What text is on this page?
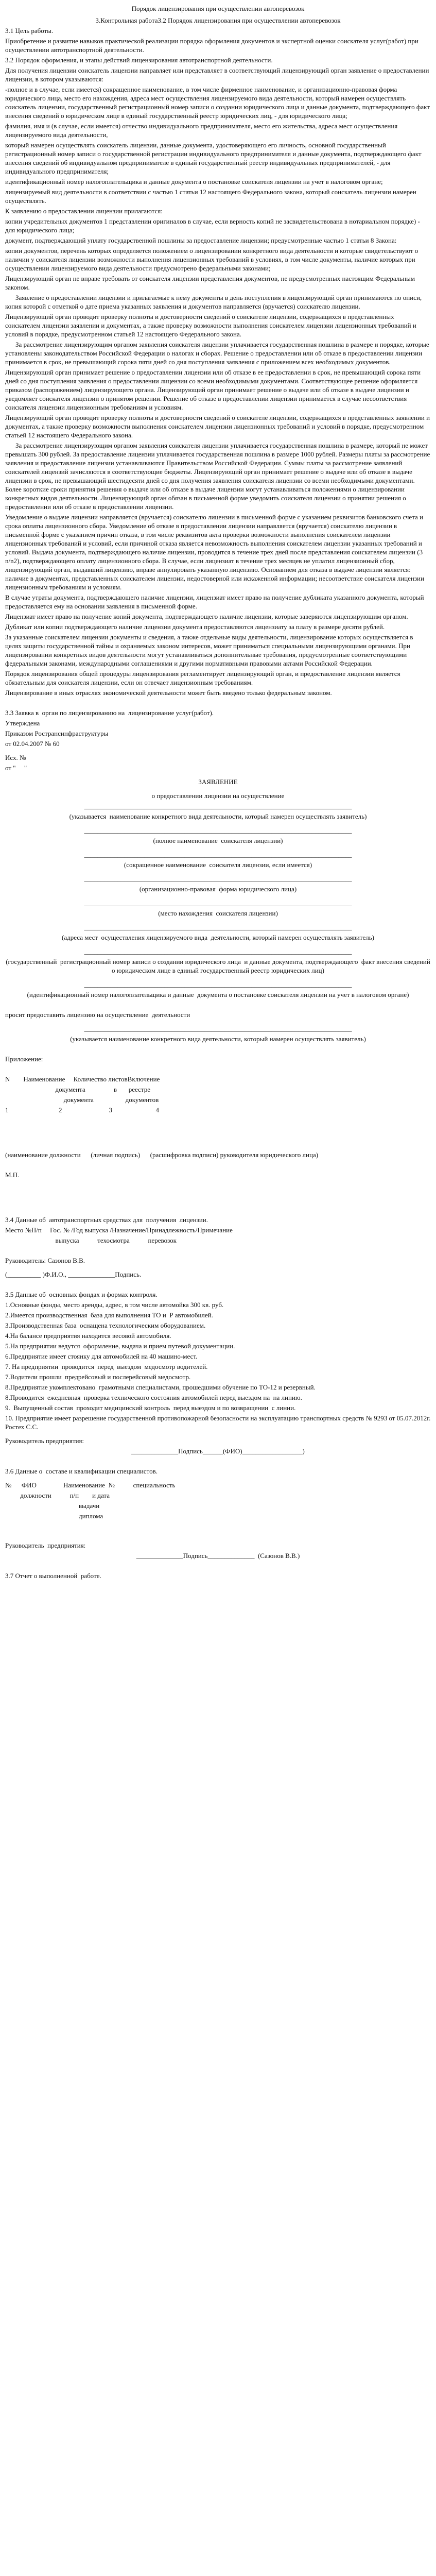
Порядок лицензирования при осуществлении автоперевозок
3.Контрольная работа3.2 Порядок лицензирования при осуществлении автоперевозок
3.1 Цель работы.
Приобретение и развитие навыков практической реализации порядка оформления документов и экспертной оценки соискателя услуг(работ) при осуществлении автотранспортной деятельности.
3.2 Порядок оформления, и этапы действий лицензирования автотранспортной деятельности.
Для получения лицензии соискатель лицензии направляет или представляет в соответствующий лицензирующий орган заявление о предоставлении лицензии, в котором указываются:
-полное и в случае, если имеется) сокращенное наименование, в том числе фирменное наименование, и организационно-правовая форма юридического лица, место его нахождения, адреса мест осуществления лицензируемого вида деятельности, который намерен осуществлять соискатель лицензии, государственный регистрационный номер записи о создании юридического лица и данные документа, подтверждающего факт внесения сведений о юридическом лице в единый государственный реестр юридических лиц, - для юридического лица;
фамилия, имя и (в случае, если имеется) отчество индивидуального предпринимателя, место его жительства, адреса мест осуществления лицензируемого вида деятельности,
который намерен осуществлять соискатель лицензии, данные документа, удостоверяющего его личность, основной государственный регистрационный номер записи о государственной регистрации индивидуального предпринимателя и данные документа, подтверждающего факт внесения сведений об индивидуальном предпринимателе в единый государственный реестр индивидуальных предпринимателей, - для индивидуального предпринимателя;
идентификационный номер налогоплательщика и данные документа о постановке соискателя лицензии на учет в налоговом органе;
лицензируемый вид деятельности в соответствии с частью 1 статьи 12 настоящего Федерального закона, который соискатель лицензии намерен осуществлять.
К заявлению о предоставлении лицензии прилагаются:
копии учредительных документов 1 представлении оригиналов в случае, если верность копий не засвидетельствована в нотариальном порядке) - для юридического лица;
документ, подтверждающий уплату государственной пошлины за предоставление лицензии; предусмотренные частью 1 статьи 8 Закона:
копии документов, перечень которых определяется положением о лицензировании конкретного вида деятельности и которые свидетельствуют о наличии у соискателя лицензии возможности выполнения лицензионных требований в условиях, в том числе документы, наличие которых при осуществлении лицензируемого вида деятельности предусмотрено федеральными законами;
Лицензирующий орган не вправе требовать от соискателя лицензии представления документов, не предусмотренных настоящим Федеральным законом.
Заявление о предоставлении лицензии и прилагаемые к нему документы в день поступления в лицензирующий орган принимаются по описи, копия которой с отметкой о дате приема указанных заявления и документов направляется (вручается) соискателю лицензии.
Лицензирующий орган проводит проверку полноты и достоверности сведений о соискателе лицензии, содержащихся в представленных соискателем лицензии заявлении и документах, а также проверку возможности выполнения соискателем лицензии лицензионных требований и условий в порядке, предусмотренном статьей 12 настоящего Федерального закона.
За рассмотрение лицензирующим органом заявления соискателя лицензии уплачивается государственная пошлина в размере и порядке, которые установлены законодательством Российской Федерации о налогах и сборах. Решение о предоставлении или об отказе в предоставлении лицензии принимается в срок, не превышающий сорока пяти дней со дня поступления заявления с приложением всех необходимых документов.
Лицензирующий орган принимает решение о предоставлении лицензии или об отказе в ее предоставлении в срок, не превышающий сорока пяти дней со дня поступления заявления о предоставлении лицензии со всеми необходимыми документами. Соответствующее решение оформляется приказом (распоряжением) лицензирующего органа. Лицензирующий орган принимает решение о выдаче или об отказе в выдаче лицензии и уведомляет соискателя лицензии о принятом решении. Решение об отказе в предоставлении лицензии принимается в случае несоответствия соискателя лицензии лицензионным требованиям и условиям.
Лицензирующий орган проводит проверку полноты и достоверности сведений о соискателе лицензии, содержащихся в представленных заявлении и документах, а также проверку возможности выполнения соискателем лицензии лицензионных требований и условий в порядке, предусмотренном статьей 12 настоящего Федерального закона.
За рассмотрение лицензирующим органом заявления соискателя лицензии уплачивается государственная пошлина в размере, который не может превышать 300 рублей. За предоставление лицензии уплачивается государственная пошлина в размере 1000 рублей. Размеры платы за рассмотрение заявления и предоставление лицензии устанавливаются Правительством Российской Федерации. Суммы платы за рассмотрение заявлений соискателей лицензий зачисляются в соответствующие бюджеты. Лицензирующий орган принимает решение о выдаче или об отказе в выдаче лицензии в срок, не превышающий шестидесяти дней со дня получения заявления соискателя лицензии со всеми необходимыми документами. Более короткие сроки принятия решения о выдаче или об отказе в выдаче лицензии могут устанавливаться положениями о лицензировании конкретных видов деятельности. Лицензирующий орган обязан в письменной форме уведомить соискателя лицензии о принятии решения о предоставлении или об отказе в предоставлении лицензии.
Уведомление о выдаче лицензии направляется (вручается) соискателю лицензии в письменной форме с указанием реквизитов банковского счета и срока оплаты лицензионного сбора. Уведомление об отказе в предоставлении лицензии направляется (вручается) соискателю лицензии в письменной форме с указанием причин отказа, в том числе реквизитов акта проверки возможности выполнения соискателем лицензии лицензионных требований и условий, если причиной отказа является невозможность выполнения соискателем лицензии указанных требований и условий. Выдача документа, подтверждающего наличие лицензии, проводится в течение трех дней после представления соискателем лицензии (3 n/n2), подтверждающего оплату лицензионного сбора. В случае, если лицензиат в течение трех месяцев не уплатил лицензионный сбор, лицензирующий орган, выдавший лицензию, вправе аннулировать указанную лицензию. Основанием для отказа в выдаче лицензии является: наличие в документах, представленных соискателем лицензии, недостоверной или искаженной информации; несоответствие соискателя лицензии лицензионным требованиям и условиям.
В случае утраты документа, подтверждающего наличие лицензии, лицензиат имеет право на получение дубликата указанного документа, который предоставляется ему на основании заявления в письменной форме.
Лицензиат имеет право на получение копий документа, подтверждающего наличие лицензии, которые заверяются лицензирующим органом.
Дубликат или копии подтверждающего наличие лицензии документа предоставляются лицензиату за плату в размере десяти рублей.
За указанные соискателем лицензии документы и сведения, а также отдельные виды деятельности, лицензирование которых осуществляется в целях защиты государственной тайны и охраняемых законом интересов, может приниматься специальными лицензирующими органами. При лицензировании конкретных видов деятельности могут устанавливаться дополнительные требования, предусмотренные соответствующими федеральными законами, международными соглашениями и другими нормативными правовыми актами Российской Федерации.
Порядок лицензирования общей процедуры лицензирования регламентирует лицензирующий орган, и предоставление лицензии является обязательным для соискателя лицензии, если он отвечает лицензионным требованиям.
Лицензирование в иных отраслях экономической деятельности может быть введено только федеральным законом.
3.3 Заявка в  орган по лицензированию на  лицензирование услуг(работ).
Утверждена
Приказом Ространсинфраструктуры
от 02.04.2007 № 60
Исх. №
от "     "
ЗАЯВЛЕНИЕ
о предоставлении лицензии на осуществление
________________________________________________________________________________
(указывается  наименование конкретного вида деятельности, который намерен осуществлять заявитель)
________________________________________________________________________________
(полное наименование  соискателя лицензии)
________________________________________________________________________________
(сокращенное наименование  соискателя лицензии, если имеется)
________________________________________________________________________________
(организационно-правовая  форма юридического лица)
________________________________________________________________________________
(место нахождения  соискателя лицензии)
________________________________________________________________________________
(адреса мест  осуществления лицензируемого вида  деятельности, который намерен осуществлять заявитель)
________________________________________________________________________________
(государственный  регистрационный номер записи о создании юридического лица  и данные документа, подтверждающего  факт внесения сведений о юридическом лице в единый государственный реестр юридических лиц)
________________________________________________________________________________
(идентификационный номер налогоплательщика и данные  документа о постановке соискателя лицензии на учет в налоговом органе)
просит предоставить лицензию на осуществление  деятельности
________________________________________________________________________________
(указывается наименование конкретного вида деятельности, который намерен осуществлять заявитель)
Приложение:
N        Наименование     Количество листовВключение
документа                 в       реестре
документа                   документов
1                              2                            3                          4
(наименование должности      (личная подпись)      (расшифровка подписи) руководителя юридического лица)
М.П.
3.4 Данные об  автотранспортных средствах для  получения  лицензии.
Место №П/п     Гос. № /Год выпуска /Назначение/Принадлежность/Примечание
выпуска           техосмотра           перевозок
Руководитель: Сазонов В.В.
(__________ )Ф.И.О., ______________Подпись.
3.5 Данные об  основных фондах и формах контроля.
1.Основные фонды, место аренды, адрес, в том числе автомойка 300 кв. руб.
2.Имеется производственная  база для выполнения ТО и  Р автомобилей.
3.Производственная база  оснащена технологическим оборудованием.
4.На балансе предприятия находится весовой автомобиля.
5.На предприятии ведутся  оформление, выдача и прием путевой документации.
6.Предприятие имеет стоянку для автомобилей на 40 машино-мест.
7. На предприятии  проводится  перед  выездом  медосмотр водителей.
7.Водители прошли  предрейсовый и послерейсовый медосмотр.
8.Предприятие укомплектовано  грамотными специалистами, прошедшими обучение по ТО-12 и резервный.
8.Проводится  ежедневная  проверка технического состояния автомобилей перед выездом на  на линию.
9.  Выпущенный состав  проходит медицинский контроль  перед выездом и по возвращении  с линии.
10. Предприятие имеет разрешение государственной противопожарной безопасности на эксплуатацию транспортных средств № 9293 от 05.07.2012г. Ростех С.С.
Руководитель предприятия:
______________Подпись______(ФИО)__________________)
3.6 Данные о  составе и квалификации специалистов.
№      ФИО                Наименование  №           специальность
должности           п/п        и дата
выдачи
диплома
Руководитель  предприятия:
______________Подпись______________  (Сазонов В.В.)
3.7 Отчет о выполненной  работе.
